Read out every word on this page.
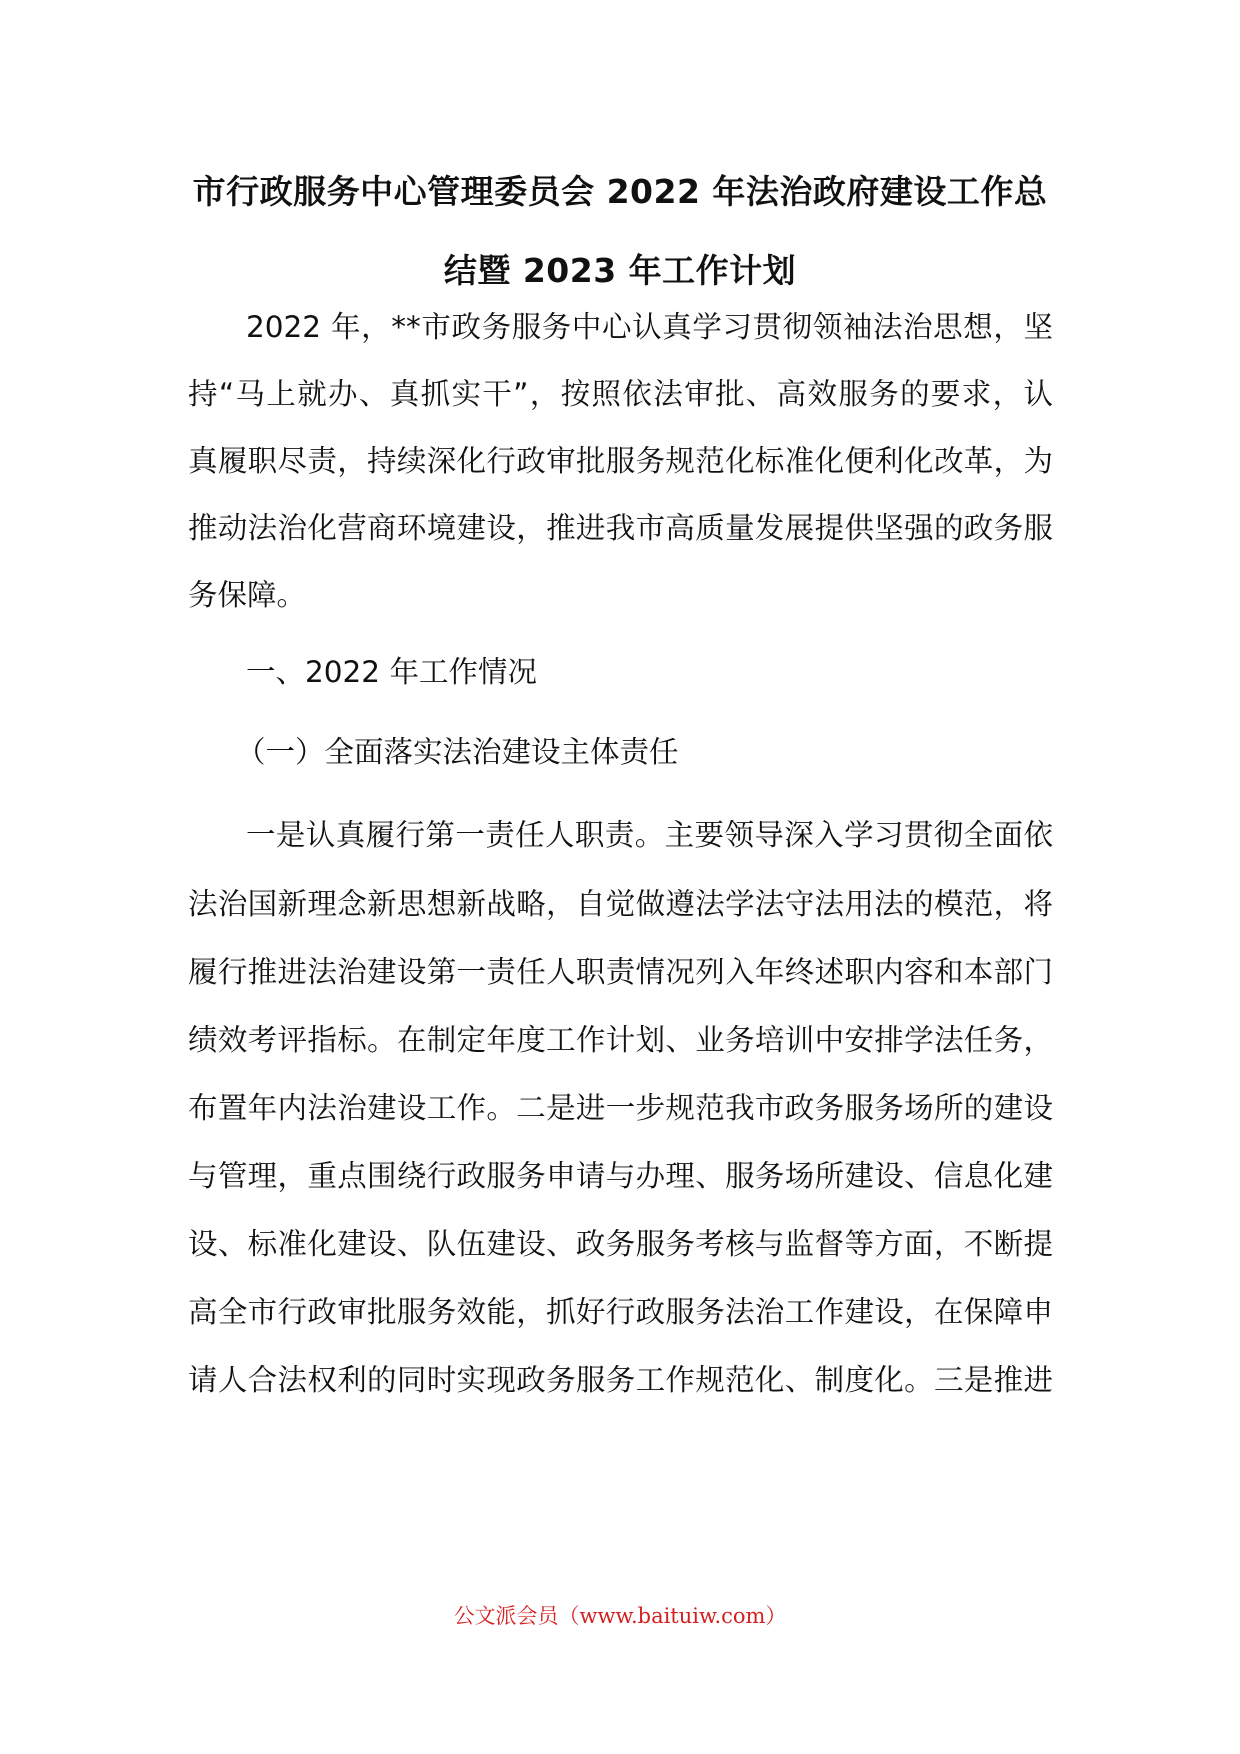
市行政服务中心管理委员会 2022 年法治政府建设工作总
结暨 2023 年工作计划
2022 年，**市政务服务中心认真学习贯彻领袖法治思想，坚
持“马上就办、真抓实干”，按照依法审批、高效服务的要求，认
真履职尽责，持续深化行政审批服务规范化标准化便利化改革，为
推动法治化营商环境建设，推进我市高质量发展提供坚强的政务服
务保障。
一、2022 年工作情况
（一）全面落实法治建设主体责任
一是认真履行第一责任人职责。主要领导深入学习贯彻全面依
法治国新理念新思想新战略，自觉做遵法学法守法用法的模范，将
履行推进法治建设第一责任人职责情况列入年终述职内容和本部门
绩效考评指标。在制定年度工作计划、业务培训中安排学法任务，
布置年内法治建设工作。二是进一步规范我市政务服务场所的建设
与管理，重点围绕行政服务申请与办理、服务场所建设、信息化建
设、标准化建设、队伍建设、政务服务考核与监督等方面，不断提
高全市行政审批服务效能，抓好行政服务法治工作建设，在保障申
请人合法权利的同时实现政务服务工作规范化、制度化。三是推进
公文派会员（www.baituiw.com）
